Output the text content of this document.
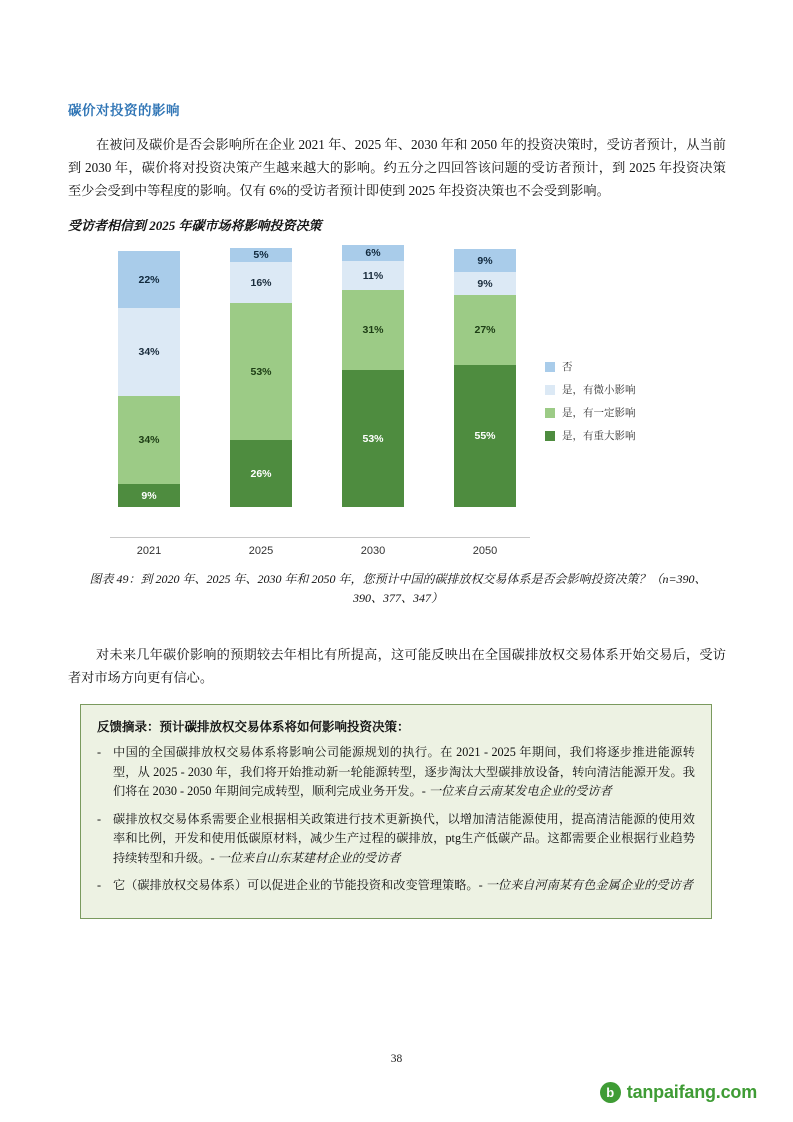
碳价对投资的影响

在被问及碳价是否会影响所在企业 2021 年、2025 年、2030 年和 2050 年的投资决策时，受访者预计，从当前到 2030 年，碳价将对投资决策产生越来越大的影响。约五分之四回答该问题的受访者预计，到 2025 年投资决策至少会受到中等程度的影响。仅有 6%的受访者预计即使到 2025 年投资决策也不会受到影响。

受访者相信到 2025 年碳市场将影响投资决策
22%
34%
34%
9%
2021
5%
16%
53%
26%
2025
6%
11%
31%
53%
2030
9%
9%
27%
55%
2050
否
是，有微小影响
是，有一定影响
是，有重大影响
图表 49：到 2020 年、2025 年、2030 年和 2050 年，您预计中国的碳排放权交易体系是否会影响投资决策？（n=390、390、377、347）

对未来几年碳价影响的预期较去年相比有所提高，这可能反映出在全国碳排放权交易体系开始交易后，受访者对市场方向更有信心。

反馈摘录：预计碳排放权交易体系将如何影响投资决策：
- 中国的全国碳排放权交易体系将影响公司能源规划的执行。在 2021 - 2025 年期间，我们将逐步推进能源转型，从 2025 - 2030 年，我们将开始推动新一轮能源转型，逐步淘汰大型碳排放设备，转向清洁能源开发。我们将在 2030 - 2050 年期间完成转型，顺利完成业务开发。- 一位来自云南某发电企业的受访者
- 碳排放权交易体系需要企业根据相关政策进行技术更新换代，以增加清洁能源使用，提高清洁能源的使用效率和比例，开发和使用低碳原材料，减少生产过程的碳排放，ptg生产低碳产品。这都需要企业根据行业趋势持续转型和升级。- 一位来自山东某建材企业的受访者
- 它（碳排放权交易体系）可以促进企业的节能投资和改变管理策略。- 一位来自河南某有色金属企业的受访者
38
b tanpaifang.com
